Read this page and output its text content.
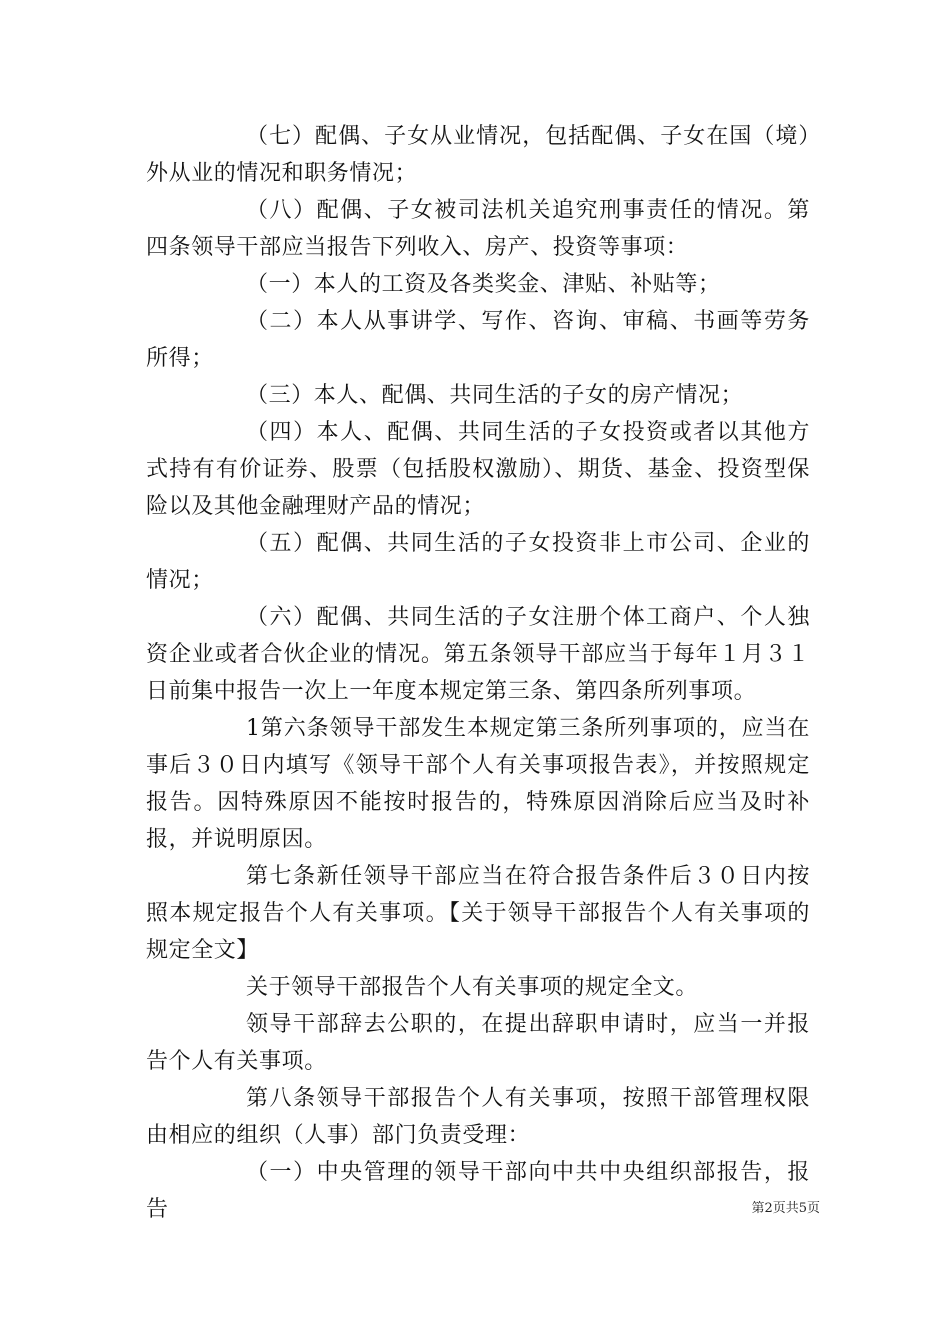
（七）配偶、子女从业情况，包括配偶、子女在国（境）外从业的情况和职务情况；

（八）配偶、子女被司法机关追究刑事责任的情况。第四条领导干部应当报告下列收入、房产、投资等事项：

（一）本人的工资及各类奖金、津贴、补贴等；

（二）本人从事讲学、写作、咨询、审稿、书画等劳务所得；

（三）本人、配偶、共同生活的子女的房产情况；

（四）本人、配偶、共同生活的子女投资或者以其他方式持有有价证券、股票（包括股权激励）、期货、基金、投资型保险以及其他金融理财产品的情况；

（五）配偶、共同生活的子女投资非上市公司、企业的情况；

（六）配偶、共同生活的子女注册个体工商户、个人独资企业或者合伙企业的情况。第五条领导干部应当于每年１月３１日前集中报告一次上一年度本规定第三条、第四条所列事项。

1第六条领导干部发生本规定第三条所列事项的，应当在事后３０日内填写《领导干部个人有关事项报告表》，并按照规定报告。因特殊原因不能按时报告的，特殊原因消除后应当及时补报，并说明原因。

第七条新任领导干部应当在符合报告条件后３０日内按照本规定报告个人有关事项。【关于领导干部报告个人有关事项的规定全文】

关于领导干部报告个人有关事项的规定全文。

领导干部辞去公职的，在提出辞职申请时，应当一并报告个人有关事项。

第八条领导干部报告个人有关事项，按照干部管理权限由相应的组织（人事）部门负责受理：

（一）中央管理的领导干部向中共中央组织部报告，报告	第2页共5页
